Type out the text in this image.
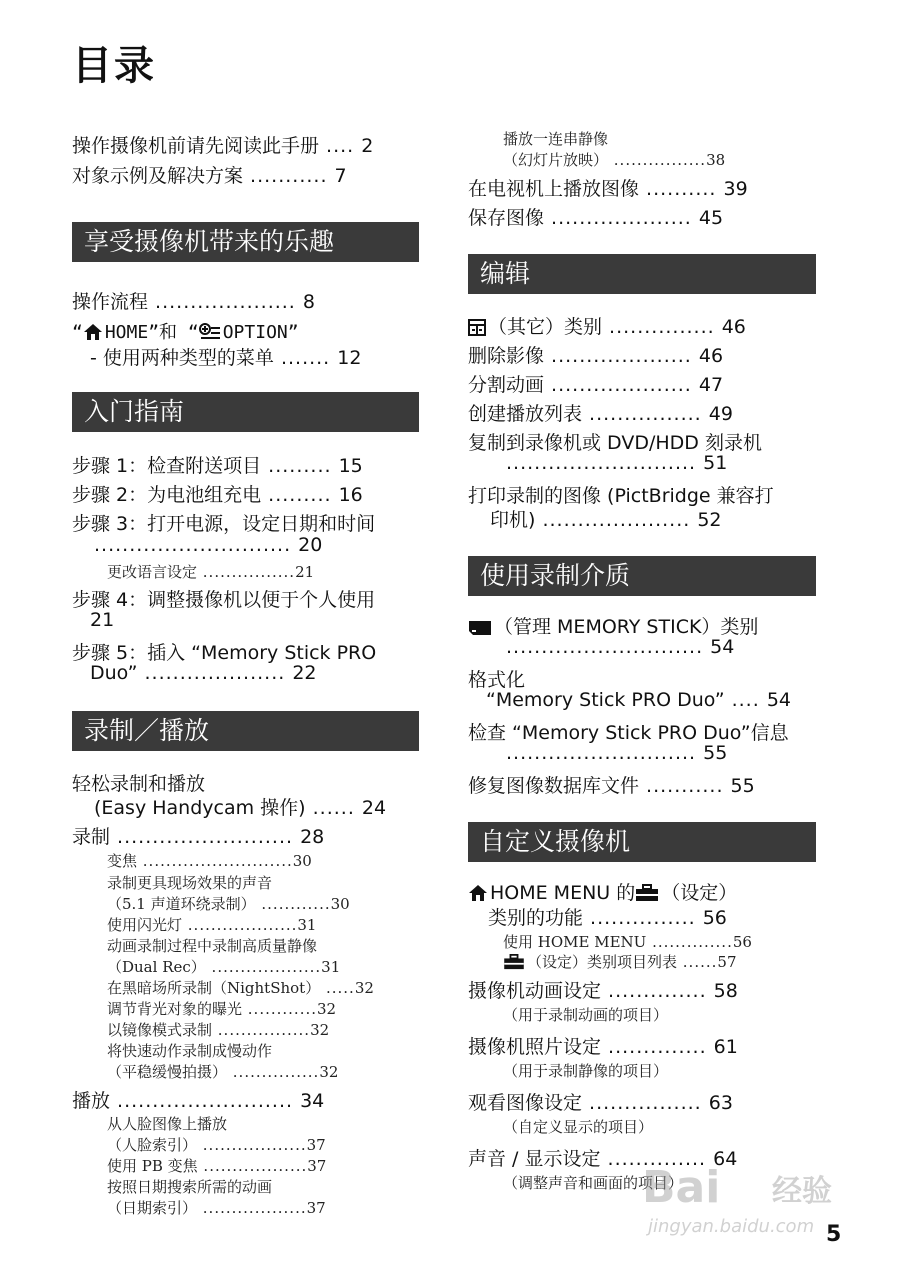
目录
操作摄像机前请先阅读此手册 .... 2
对象示例及解决方案 ........... 7
享受摄像机带来的乐趣
操作流程 .................... 8
“ HOME”和 “ OPTION”
- 使用两种类型的菜单 ....... 12
入门指南
步骤 1：检查附送项目 ......... 15
步骤 2：为电池组充电 ......... 16
步骤 3：打开电源，设定日期和时间
............................ 20
更改语言设定 ................21
步骤 4：调整摄像机以便于个人使用
21
步骤 5：插入 “Memory Stick PRO
Duo” .................... 22
录制／播放
轻松录制和播放
(Easy Handycam 操作) ...... 24
录制 ......................... 28
变焦 ..........................30
录制更具现场效果的声音
（5.1 声道环绕录制） ............30
使用闪光灯 ...................31
动画录制过程中录制高质量静像
（Dual Rec） ...................31
在黑暗场所录制（NightShot） .....32
调节背光对象的曝光 ............32
以镜像模式录制 ................32
将快速动作录制成慢动作
（平稳缓慢拍摄） ...............32
播放 ......................... 34
从人脸图像上播放
（人脸索引） ..................37
使用 PB 变焦 ..................37
按照日期搜索所需的动画
（日期索引） ..................37
播放一连串静像
（幻灯片放映） ................38
在电视机上播放图像 .......... 39
保存图像 .................... 45
编辑
（其它）类别 ............... 46
删除影像 .................... 46
分割动画 .................... 47
创建播放列表 ................ 49
复制到录像机或 DVD/HDD 刻录机
........................... 51
打印录制的图像 (PictBridge 兼容打
印机) ..................... 52
使用录制介质
（管理 MEMORY STICK）类别
............................ 54
格式化
“Memory Stick PRO Duo” .... 54
检查 “Memory Stick PRO Duo”信息
........................... 55
修复图像数据库文件 ........... 55
自定义摄像机
HOME MENU 的 （设定）
类别的功能 ............... 56
使用 HOME MENU ..............56
（设定）类别项目列表 ......57
摄像机动画设定 .............. 58
（用于录制动画的项目）
摄像机照片设定 .............. 61
（用于录制静像的项目）
观看图像设定 ................ 63
（自定义显示的项目）
声音 / 显示设定 .............. 64
（调整声音和画面的项目）
Bai 经验
jingyan.baidu.com 5
